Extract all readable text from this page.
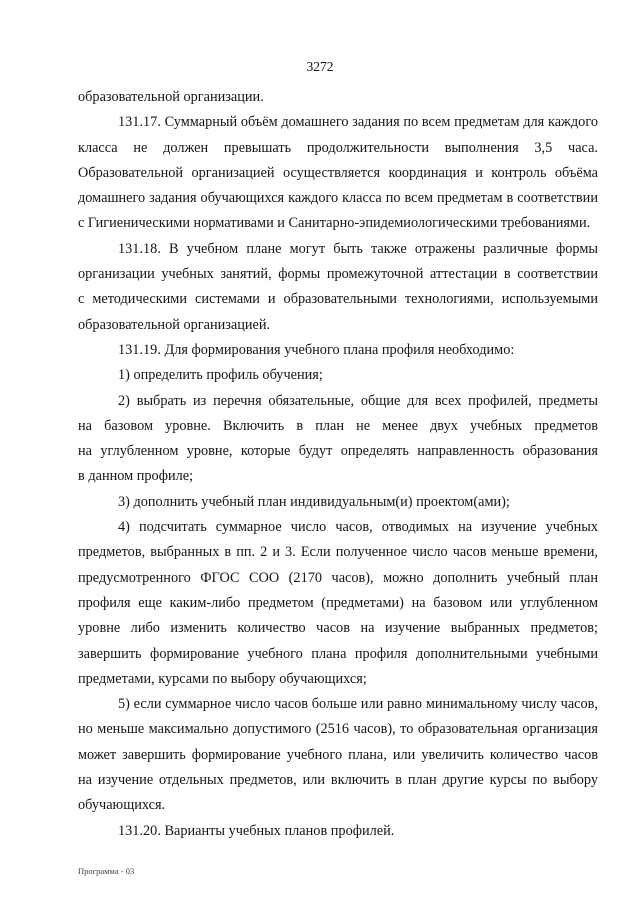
3272
образовательной организации.
131.17. Суммарный объём домашнего задания по всем предметам для каждого
класса не должен превышать продолжительности выполнения 3,5 часа.
Образовательной организацией осуществляется координация и контроль объёма
домашнего задания обучающихся каждого класса по всем предметам в соответствии
с Гигиеническими нормативами и Санитарно-эпидемиологическими требованиями.
131.18. В учебном плане могут быть также отражены различные формы
организации учебных занятий, формы промежуточной аттестации в соответствии
с методическими системами и образовательными технологиями, используемыми
образовательной организацией.
131.19. Для формирования учебного плана профиля необходимо:
1) определить профиль обучения;
2) выбрать из перечня обязательные, общие для всех профилей, предметы
на базовом уровне. Включить в план не менее двух учебных предметов
на углубленном уровне, которые будут определять направленность образования
в данном профиле;
3) дополнить учебный план индивидуальным(и) проектом(ами);
4) подсчитать суммарное число часов, отводимых на изучение учебных
предметов, выбранных в пп. 2 и 3. Если полученное число часов меньше времени,
предусмотренного ФГОС СОО (2170 часов), можно дополнить учебный план
профиля еще каким-либо предметом (предметами) на базовом или углубленном
уровне либо изменить количество часов на изучение выбранных предметов;
завершить формирование учебного плана профиля дополнительными учебными
предметами, курсами по выбору обучающихся;
5) если суммарное число часов больше или равно минимальному числу часов,
но меньше максимально допустимого (2516 часов), то образовательная организация
может завершить формирование учебного плана, или увеличить количество часов
на изучение отдельных предметов, или включить в план другие курсы по выбору
обучающихся.
131.20. Варианты учебных планов профилей.
Программа - 03
